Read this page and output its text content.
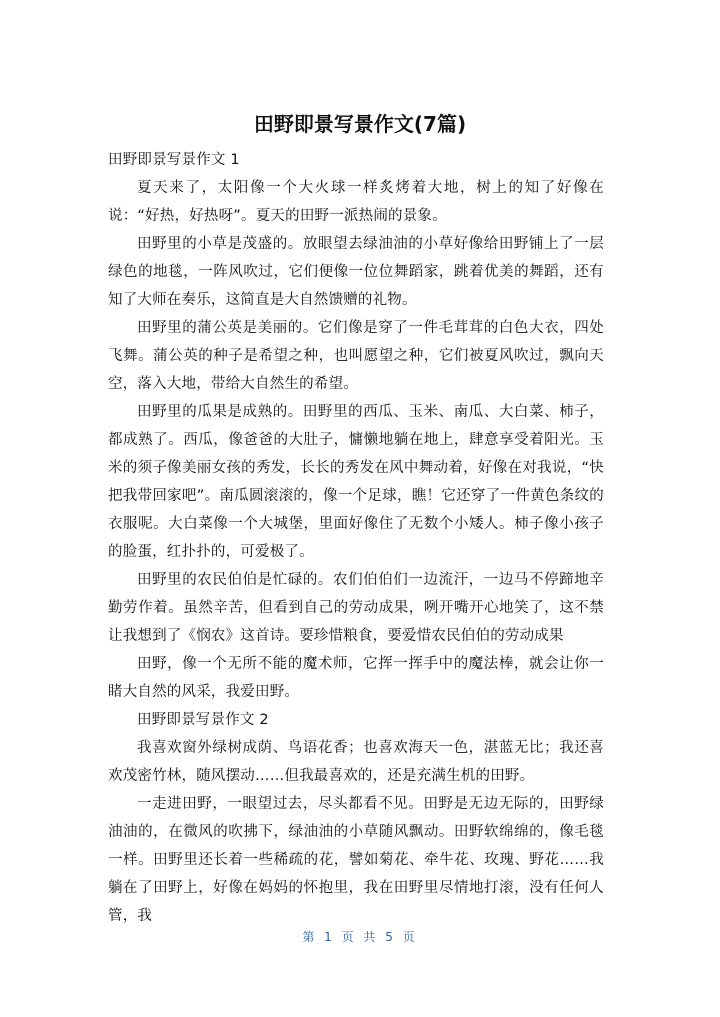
田野即景写景作文(7篇)

田野即景写景作文 1

夏天来了，太阳像一个大火球一样炙烤着大地，树上的知了好像在说：“好热，好热呀”。夏天的田野一派热闹的景象。

田野里的小草是茂盛的。放眼望去绿油油的小草好像给田野铺上了一层绿色的地毯，一阵风吹过，它们便像一位位舞蹈家，跳着优美的舞蹈，还有知了大师在奏乐，这简直是大自然馈赠的礼物。

田野里的蒲公英是美丽的。它们像是穿了一件毛茸茸的白色大衣，四处飞舞。蒲公英的种子是希望之种，也叫愿望之种，它们被夏风吹过，飘向天空，落入大地，带给大自然生的希望。

田野里的瓜果是成熟的。田野里的西瓜、玉米、南瓜、大白菜、柿子，都成熟了。西瓜，像爸爸的大肚子，慵懒地躺在地上，肆意享受着阳光。玉米的须子像美丽女孩的秀发，长长的秀发在风中舞动着，好像在对我说，“快把我带回家吧”。南瓜圆滚滚的，像一个足球，瞧！它还穿了一件黄色条纹的衣服呢。大白菜像一个大城堡，里面好像住了无数个小矮人。柿子像小孩子的脸蛋，红扑扑的，可爱极了。

田野里的农民伯伯是忙碌的。农们伯伯们一边流汗，一边马不停蹄地辛勤劳作着。虽然辛苦，但看到自己的劳动成果，咧开嘴开心地笑了，这不禁让我想到了《悯农》这首诗。要珍惜粮食，要爱惜农民伯伯的劳动成果

田野，像一个无所不能的魔术师，它挥一挥手中的魔法棒，就会让你一睹大自然的风采，我爱田野。

田野即景写景作文 2

我喜欢窗外绿树成荫、鸟语花香；也喜欢海天一色，湛蓝无比；我还喜欢茂密竹林，随风摆动……但我最喜欢的，还是充满生机的田野。

一走进田野，一眼望过去，尽头都看不见。田野是无边无际的，田野绿油油的，在微风的吹拂下，绿油油的小草随风飘动。田野软绵绵的，像毛毯一样。田野里还长着一些稀疏的花，譬如菊花、牵牛花、玫瑰、野花……我躺在了田野上，好像在妈妈的怀抱里，我在田野里尽情地打滚，没有任何人管，我

第 1 页 共 5 页
